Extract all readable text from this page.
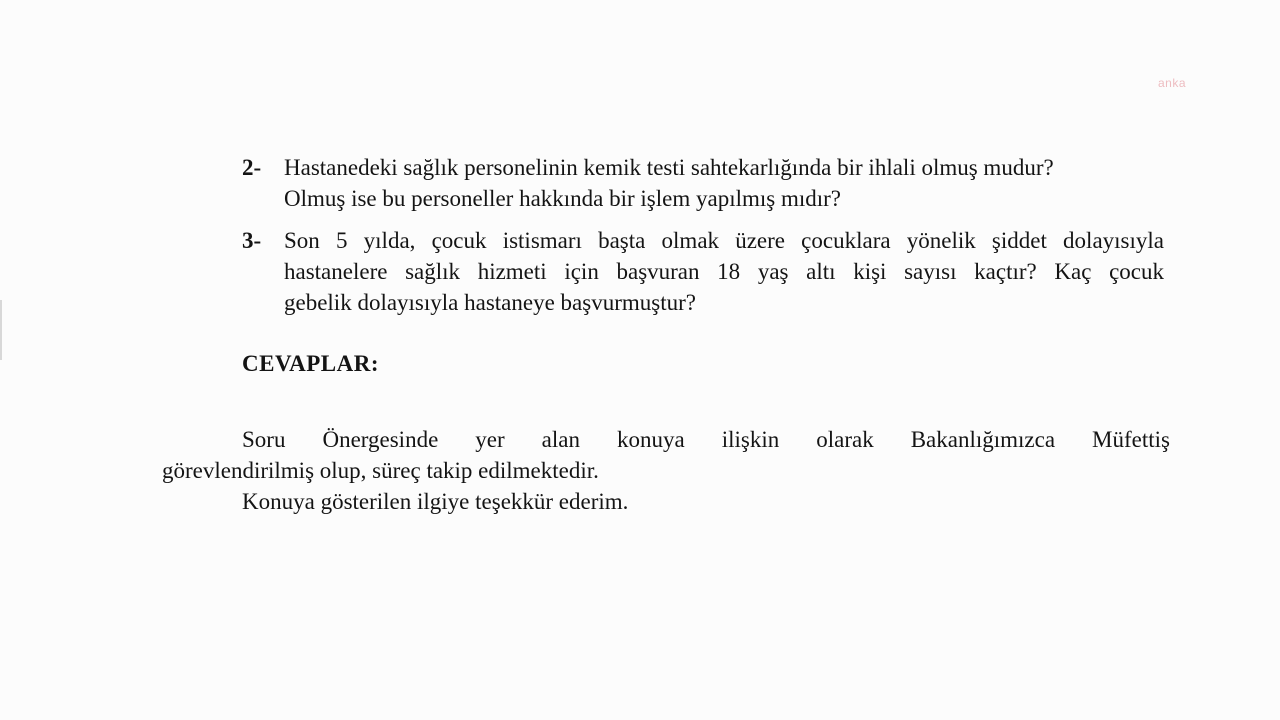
anka
2- Hastanedeki sağlık personelinin kemik testi sahtekarlığında bir ihlali olmuş mudur?
Olmuş ise bu personeller hakkında bir işlem yapılmış mıdır?
3- Son 5 yılda, çocuk istismarı başta olmak üzere çocuklara yönelik şiddet dolayısıyla
hastanelere sağlık hizmeti için başvuran 18 yaş altı kişi sayısı kaçtır? Kaç çocuk
gebelik dolayısıyla hastaneye başvurmuştur?
CEVAPLAR:
Soru Önergesinde yer alan konuya ilişkin olarak Bakanlığımızca Müfettiş
görevlendirilmiş olup, süreç takip edilmektedir.
Konuya gösterilen ilgiye teşekkür ederim.
